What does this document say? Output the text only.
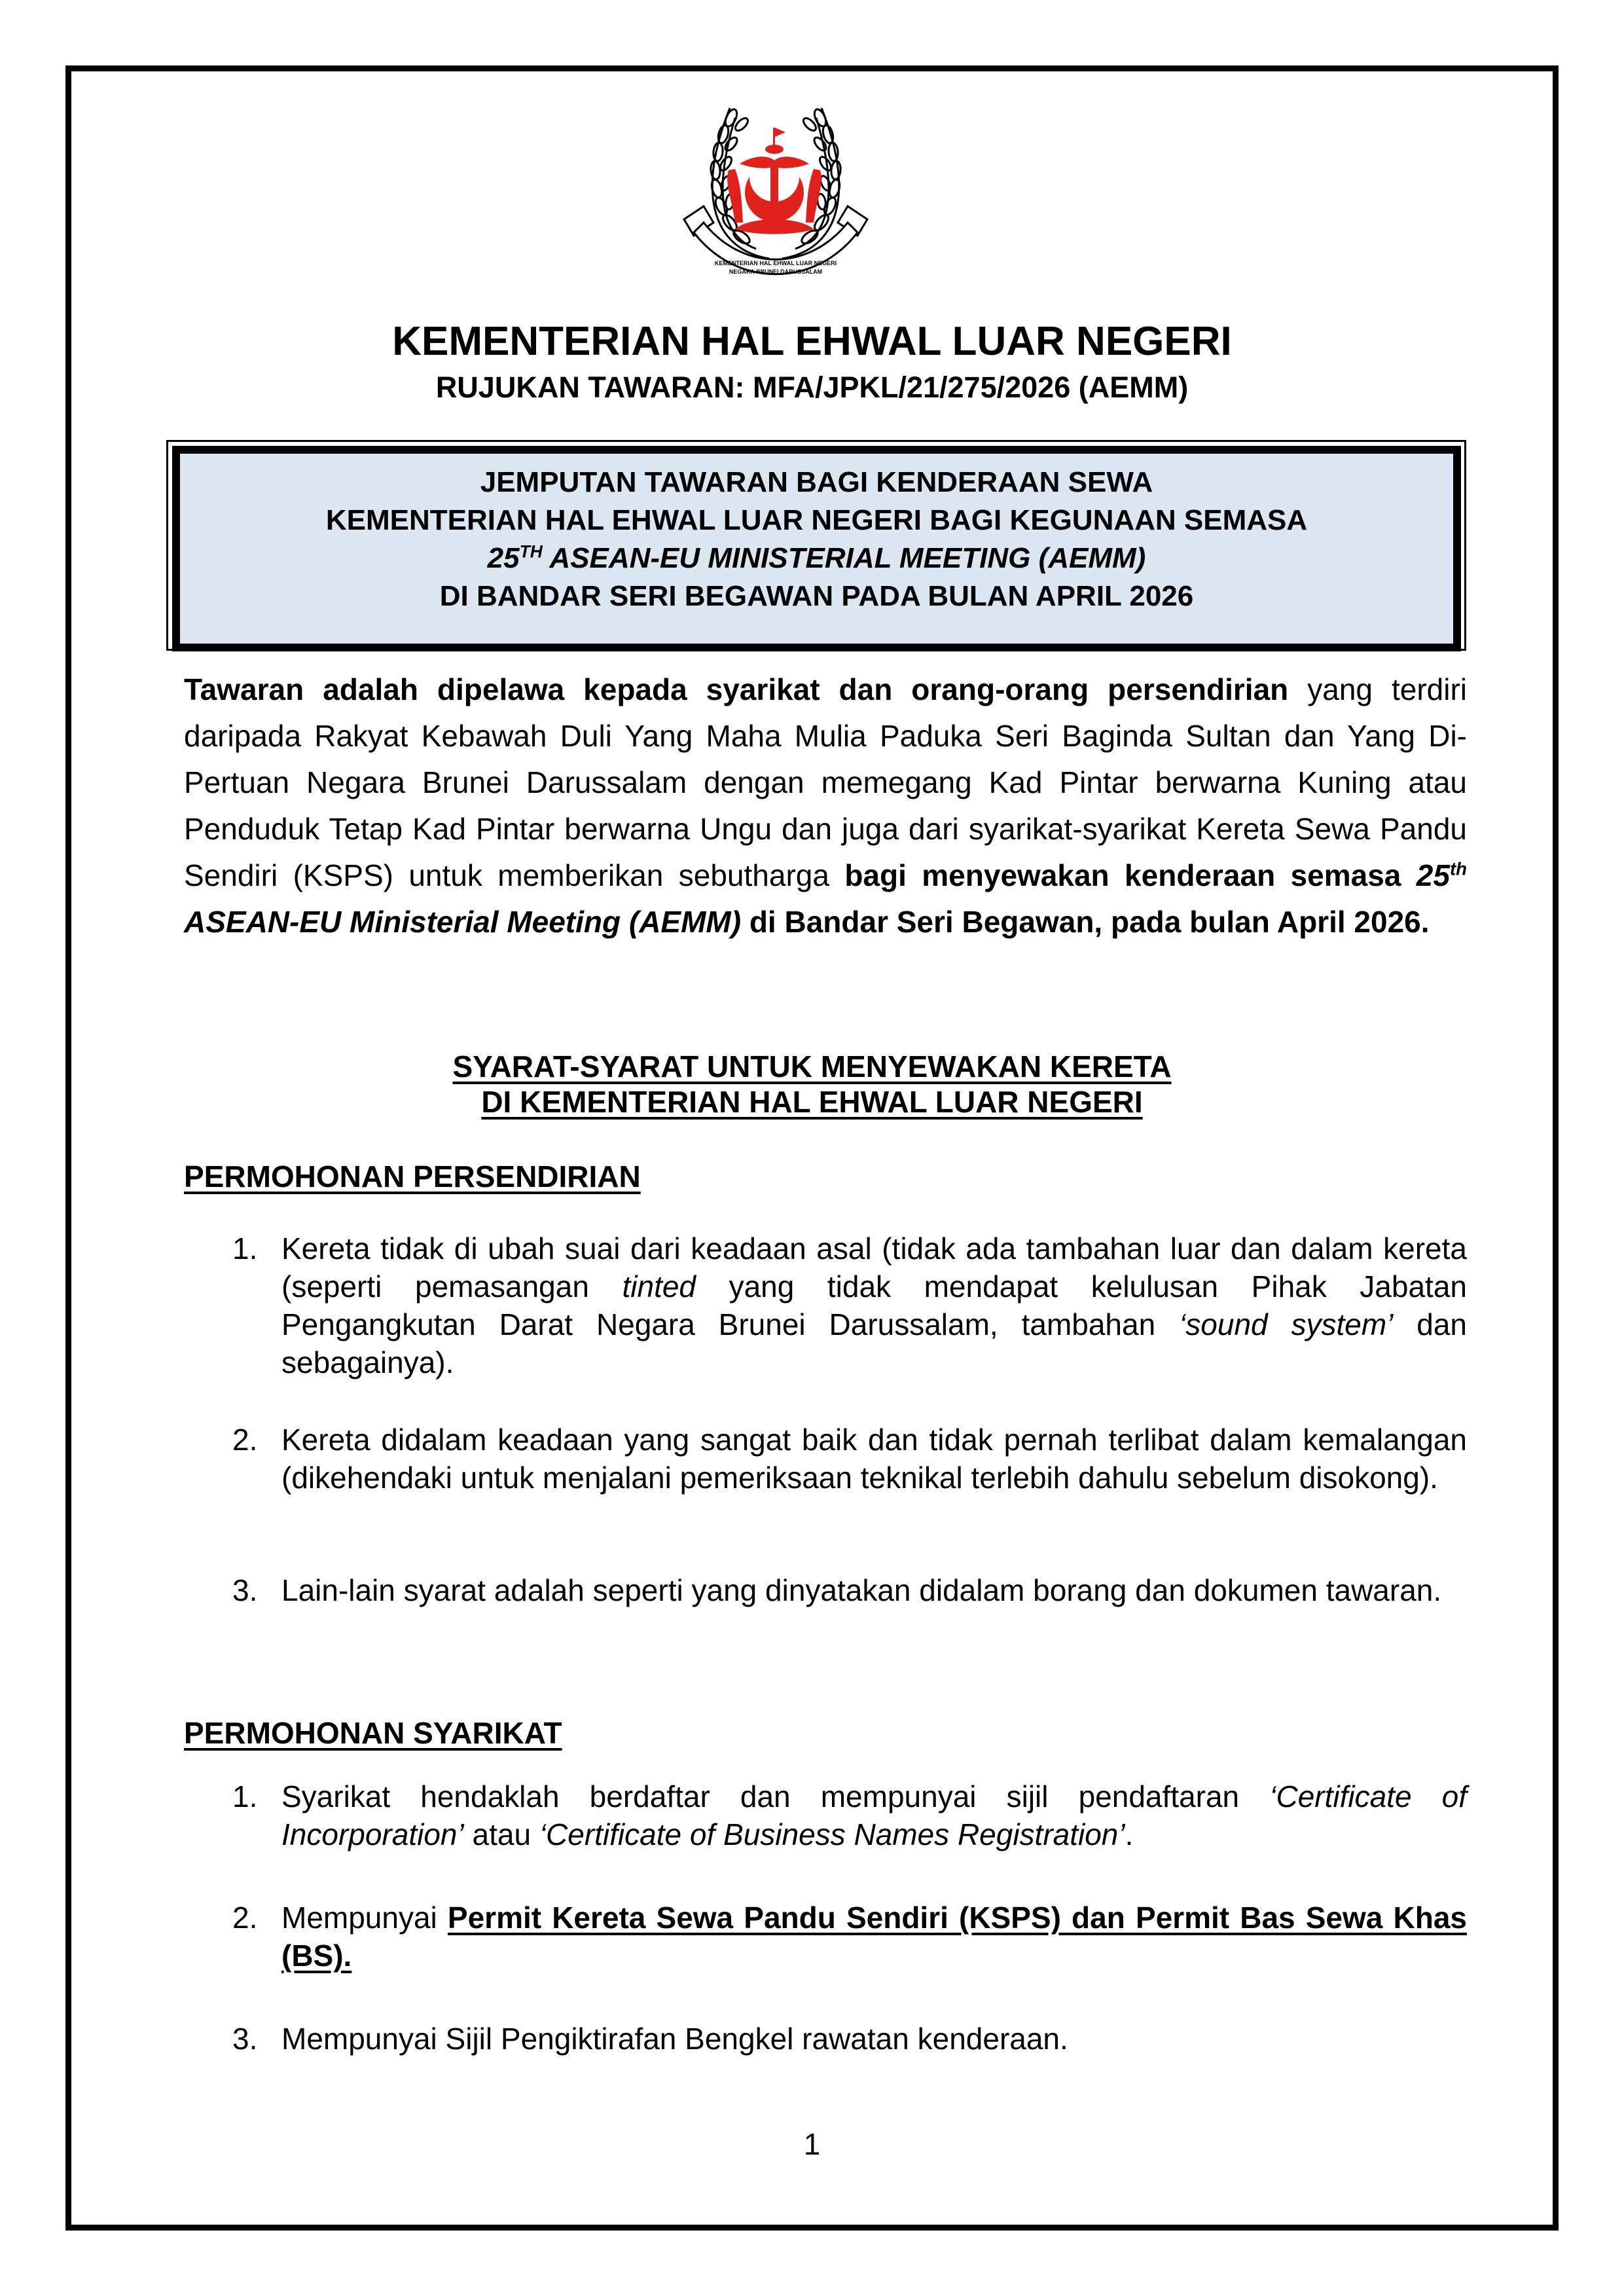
KEMENTERIAN HAL EHWAL LUAR NEGERI
NEGARA BRUNEI DARUSSALAM
KEMENTERIAN HAL EHWAL LUAR NEGERI
RUJUKAN TAWARAN: MFA/JPKL/21/275/2026 (AEMM)
JEMPUTAN TAWARAN BAGI KENDERAAN SEWA
KEMENTERIAN HAL EHWAL LUAR NEGERI BAGI KEGUNAAN SEMASA
25TH ASEAN-EU MINISTERIAL MEETING (AEMM)
DI BANDAR SERI BEGAWAN PADA BULAN APRIL 2026
Tawaran adalah dipelawa kepada syarikat dan orang-orang persendirian yang terdiri daripada Rakyat Kebawah Duli Yang Maha Mulia Paduka Seri Baginda Sultan dan Yang Di-Pertuan Negara Brunei Darussalam dengan memegang Kad Pintar berwarna Kuning atau Penduduk Tetap Kad Pintar berwarna Ungu dan juga dari syarikat-syarikat Kereta Sewa Pandu Sendiri (KSPS) untuk memberikan sebutharga bagi menyewakan kenderaan semasa 25th ASEAN-EU Ministerial Meeting (AEMM) di Bandar Seri Begawan, pada bulan April 2026.
SYARAT-SYARAT UNTUK MENYEWAKAN KERETA
DI KEMENTERIAN HAL EHWAL LUAR NEGERI
PERMOHONAN PERSENDIRIAN
1. Kereta tidak di ubah suai dari keadaan asal (tidak ada tambahan luar dan dalam kereta (seperti pemasangan tinted yang tidak mendapat kelulusan Pihak Jabatan Pengangkutan Darat Negara Brunei Darussalam, tambahan ‘sound system’ dan sebagainya).
2. Kereta didalam keadaan yang sangat baik dan tidak pernah terlibat dalam kemalangan (dikehendaki untuk menjalani pemeriksaan teknikal terlebih dahulu sebelum disokong).
3. Lain-lain syarat adalah seperti yang dinyatakan didalam borang dan dokumen tawaran.
PERMOHONAN SYARIKAT
1. Syarikat hendaklah berdaftar dan mempunyai sijil pendaftaran ‘Certificate of Incorporation’ atau ‘Certificate of Business Names Registration’.
2. Mempunyai Permit Kereta Sewa Pandu Sendiri (KSPS) dan Permit Bas Sewa Khas (BS).
3. Mempunyai Sijil Pengiktirafan Bengkel rawatan kenderaan.
1
